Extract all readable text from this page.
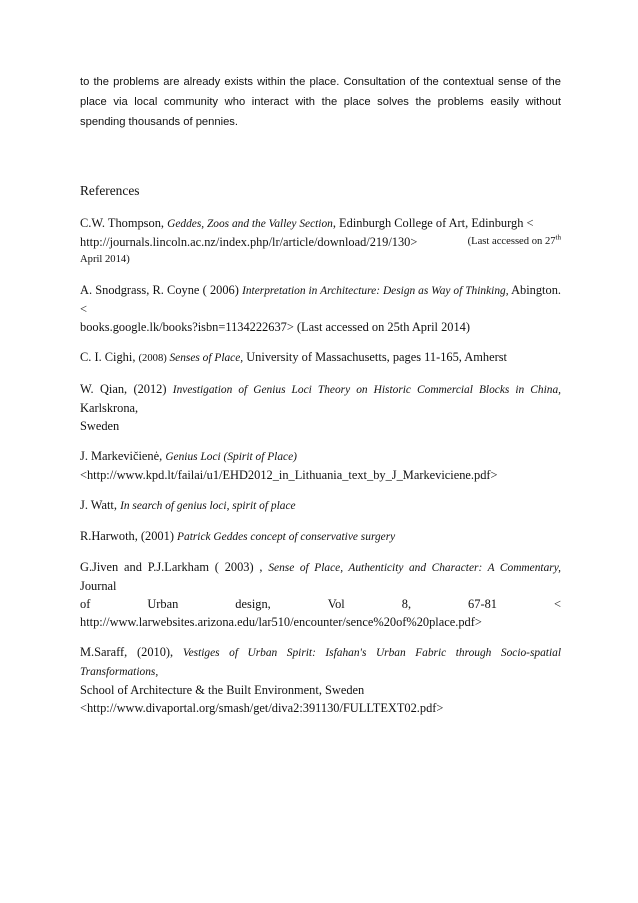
to the problems are already exists within the place. Consultation of the contextual sense of the place via local community who interact with the place solves the problems easily without spending thousands of pennies.

References

C.W. Thompson, Geddes, Zoos and the Valley Section, Edinburgh College of Art, Edinburgh <
http://journals.lincoln.ac.nz/index.php/lr/article/download/219/130>	(Last accessed on 27th
April 2014)

A. Snodgrass, R. Coyne ( 2006) Interpretation in Architecture: Design as Way of Thinking, Abington. <
books.google.lk/books?isbn=1134222637> (Last accessed on 25th April 2014)

C. I. Cighi, (2008) Senses of Place, University of Massachusetts, pages 11-165, Amherst

W. Qian, (2012) Investigation of Genius Loci Theory on Historic Commercial Blocks in China, Karlskrona,
Sweden

J. Markevičienė, Genius Loci (Spirit of Place)
<http://www.kpd.lt/failai/u1/EHD2012_in_Lithuania_text_by_J_Markeviciene.pdf>

J. Watt, In search of genius loci, spirit of place

R.Harwoth, (2001) Patrick Geddes concept of conservative surgery

G.Jiven and P.J.Larkham ( 2003) , Sense of Place, Authenticity and Character: A Commentary, Journal
of	Urban	design,	Vol	8,	67-81	<
http://www.larwebsites.arizona.edu/lar510/encounter/sence%20of%20place.pdf>

M.Saraff, (2010), Vestiges of Urban Spirit: Isfahan's Urban Fabric through Socio-spatial Transformations,
School of Architecture & the Built Environment, Sweden
<http://www.divaportal.org/smash/get/diva2:391130/FULLTEXT02.pdf>
